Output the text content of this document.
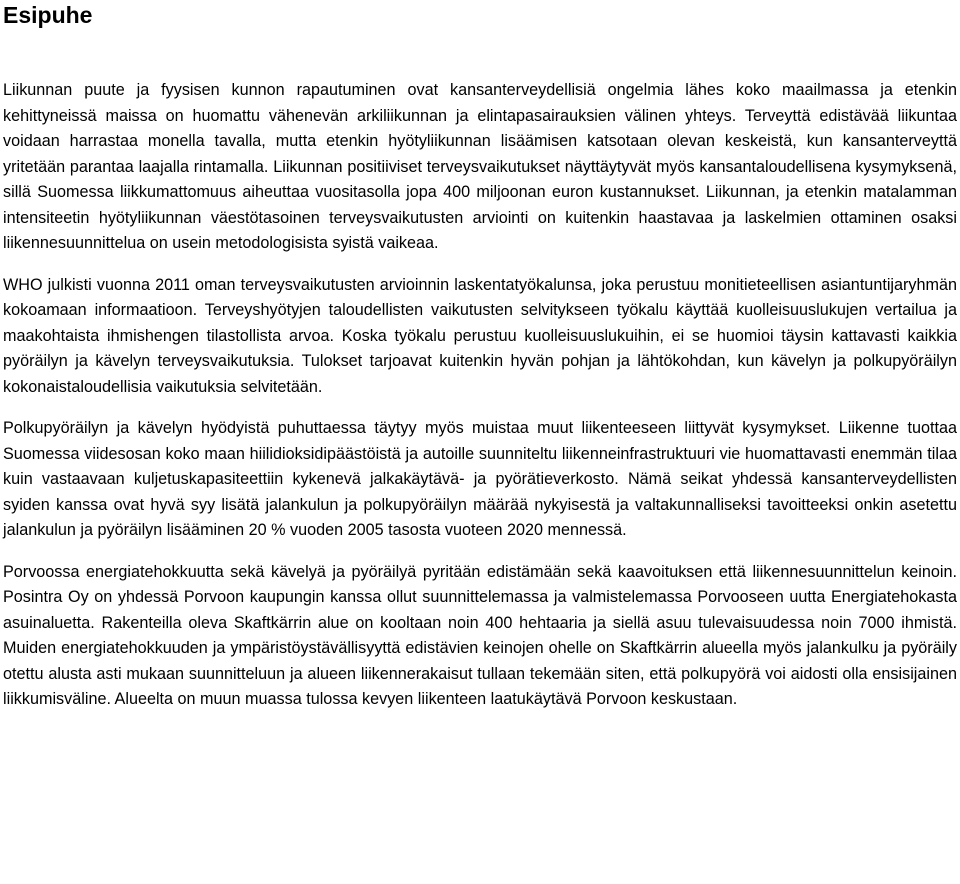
Esipuhe

Liikunnan puute ja fyysisen kunnon rapautuminen ovat kansanterveydellisiä ongelmia lähes koko maailmassa ja etenkin kehittyneissä maissa on huomattu vähenevän arkiliikunnan ja elintapasairauksien välinen yhteys. Terveyttä edistävää liikuntaa voidaan harrastaa monella tavalla, mutta etenkin hyötyliikunnan lisäämisen katsotaan olevan keskeistä, kun kansanterveyttä yritetään parantaa laajalla rintamalla. Liikunnan positiiviset terveysvaikutukset näyttäytyvät myös kansantaloudellisena kysymyksenä, sillä Suomessa liikkumattomuus aiheuttaa vuositasolla jopa 400 miljoonan euron kustannukset. Liikunnan, ja etenkin matalamman intensiteetin hyötyliikunnan väestötasoinen terveysvaikutusten arviointi on kuitenkin haastavaa ja laskelmien ottaminen osaksi liikennesuunnittelua on usein metodologisista syistä vaikeaa.

WHO julkisti vuonna 2011 oman terveysvaikutusten arvioinnin laskentatyökalunsa, joka perustuu monitieteellisen asiantuntijaryhmän kokoamaan informaatioon. Terveyshyötyjen taloudellisten vaikutusten selvitykseen työkalu käyttää kuolleisuuslukujen vertailua ja maakohtaista ihmishengen tilastollista arvoa. Koska työkalu perustuu kuolleisuuslukuihin, ei se huomioi täysin kattavasti kaikkia pyöräilyn ja kävelyn terveysvaikutuksia. Tulokset tarjoavat kuitenkin hyvän pohjan ja lähtökohdan, kun kävelyn ja polkupyöräilyn kokonaistaloudellisia vaikutuksia selvitetään.

Polkupyöräilyn ja kävelyn hyödyistä puhuttaessa täytyy myös muistaa muut liikenteeseen liittyvät kysymykset. Liikenne tuottaa Suomessa viidesosan koko maan hiilidioksidipäästöistä ja autoille suunniteltu liikenneinfrastruktuuri vie huomattavasti enemmän tilaa kuin vastaavaan kuljetuskapasiteettiin kykenevä jalkakäytävä- ja pyörätieverkosto. Nämä seikat yhdessä kansanterveydellisten syiden kanssa ovat hyvä syy lisätä jalankulun ja polkupyöräilyn määrää nykyisestä ja valtakunnalliseksi tavoitteeksi onkin asetettu jalankulun ja pyöräilyn lisääminen 20 % vuoden 2005 tasosta vuoteen 2020 mennessä.

Porvoossa energiatehokkuutta sekä kävelyä ja pyöräilyä pyritään edistämään sekä kaavoituksen että liikennesuunnittelun keinoin. Posintra Oy on yhdessä Porvoon kaupungin kanssa ollut suunnittelemassa ja valmistelemassa Porvooseen uutta Energiatehokasta asuinaluetta. Rakenteilla oleva Skaftkärrin alue on kooltaan noin 400 hehtaaria ja siellä asuu tulevaisuudessa noin 7000 ihmistä. Muiden energiatehokkuuden ja ympäristöystävällisyyttä edistävien keinojen ohelle on Skaftkärrin alueella myös jalankulku ja pyöräily otettu alusta asti mukaan suunnitteluun ja alueen liikennerakaisut tullaan tekemään siten, että polkupyörä voi aidosti olla ensisijainen liikkumisväline. Alueelta on muun muassa tulossa kevyen liikenteen laatukäytävä Porvoon keskustaan.
